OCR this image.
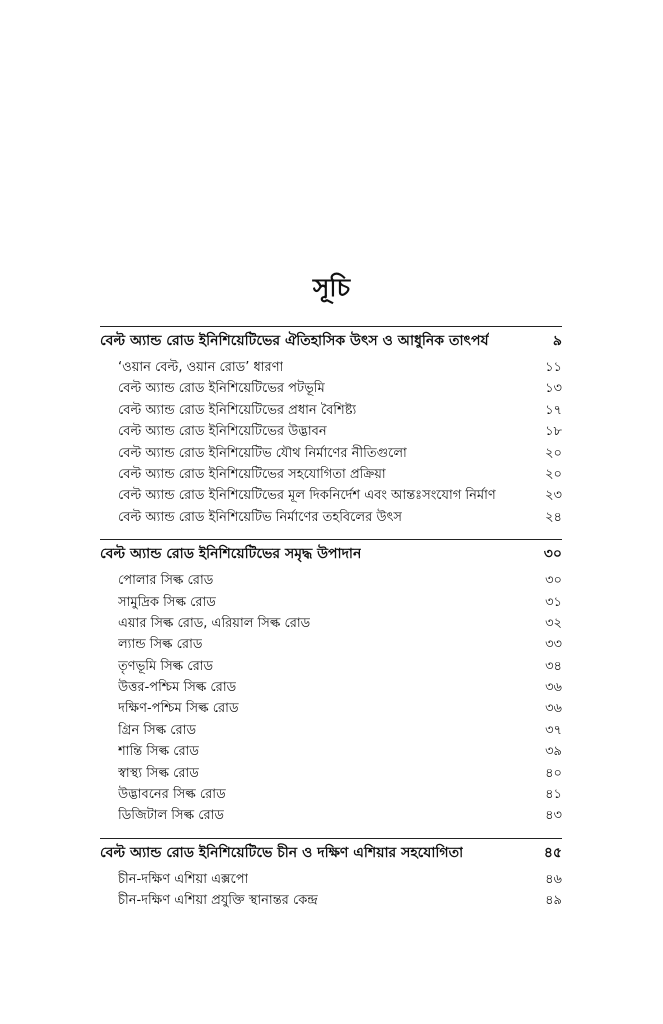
সূচি
বেল্ট অ্যান্ড রোড ইনিশিয়েটিভের ঐতিহাসিক উৎস ও আধুনিক তাৎপর্য	৯
‘ওয়ান বেল্ট, ওয়ান রোড’ ধারণা	১১
বেল্ট অ্যান্ড রোড ইনিশিয়েটিভের পটভূমি	১৩
বেল্ট অ্যান্ড রোড ইনিশিয়েটিভের প্রধান বৈশিষ্ট্য	১৭
বেল্ট অ্যান্ড রোড ইনিশিয়েটিভের উদ্ভাবন	১৮
বেল্ট অ্যান্ড রোড ইনিশিয়েটিভ যৌথ নির্মাণের নীতিগুলো	২০
বেল্ট অ্যান্ড রোড ইনিশিয়েটিভের সহযোগিতা প্রক্রিয়া	২০
বেল্ট অ্যান্ড রোড ইনিশিয়েটিভের মূল দিকনির্দেশ এবং আন্তঃসংযোগ নির্মাণ	২৩
বেল্ট অ্যান্ড রোড ইনিশিয়েটিভ নির্মাণের তহবিলের উৎস	২৪
বেল্ট অ্যান্ড রোড ইনিশিয়েটিভের সমৃদ্ধ উপাদান	৩০
পোলার সিল্ক রোড	৩০
সামুদ্রিক সিল্ক রোড	৩১
এয়ার সিল্ক রোড, এরিয়াল সিল্ক রোড	৩২
ল্যান্ড সিল্ক রোড	৩৩
তৃণভূমি সিল্ক রোড	৩৪
উত্তর-পশ্চিম সিল্ক রোড	৩৬
দক্ষিণ-পশ্চিম সিল্ক রোড	৩৬
গ্রিন সিল্ক রোড	৩৭
শান্তি সিল্ক রোড	৩৯
স্বাস্থ্য সিল্ক রোড	৪০
উদ্ভাবনের সিল্ক রোড	৪১
ডিজিটাল সিল্ক রোড	৪৩
বেল্ট অ্যান্ড রোড ইনিশিয়েটিভে চীন ও দক্ষিণ এশিয়ার সহযোগিতা	৪৫
চীন-দক্ষিণ এশিয়া এক্সপো	৪৬
চীন-দক্ষিণ এশিয়া প্রযুক্তি স্থানান্তর কেন্দ্র	৪৯
